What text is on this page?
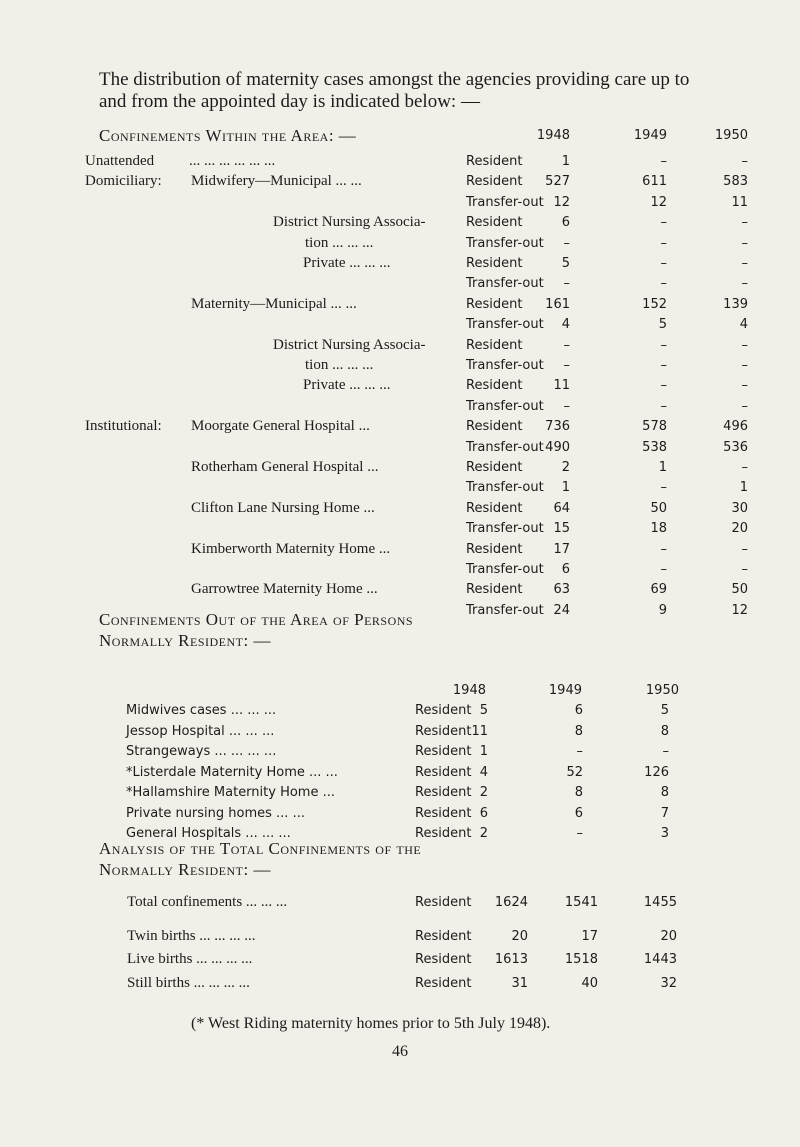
The distribution of maternity cases amongst the agencies providing care up to
and from the appointed day is indicated below: —
Confinements Within the Area: —	1948	1949	1950
Unattended ... ... ... ... ... ...	Resident	1	–	–
Domiciliary: Midwifery—Municipal ... ...	Resident	527	611	583
Transfer-out 12	12	11
District Nursing Associa-	Resident	6	–	–
tion ... ... ...	Transfer-out	–	–	–
Private ... ... ...	Resident	5	–	–
Transfer-out	–	–	–
Maternity—Municipal ... ...	Resident	161	152	139
Transfer-out	4	5	4
District Nursing Associa-	Resident	–	–	–
tion ... ... ...	Transfer-out	–	–	–
Private ... ... ...	Resident	11	–	–
Transfer-out	–	–	–
Institutional: Moorgate General Hospital ...	Resident	736	578	496
Transfer-out 490	538	536
Rotherham General Hospital ...	Resident	2	1	–
Transfer-out	1	–	1
Clifton Lane Nursing Home ...	Resident	64	50	30
Transfer-out 15	18	20
Kimberworth Maternity Home ...	Resident	17	–	–
Transfer-out	6	–	–
Garrowtree Maternity Home ...	Resident	63	69	50
Transfer-out 24	9	12
Confinements Out of the Area of Persons
Normally Resident: —
1948	1949	1950
Midwives cases ... ... ...	Resident 5	6	5
Jessop Hospital ... ... ...	Resident 11	8	8
Strangeways ... ... ... ...	Resident 1	–	–
*Listerdale Maternity Home ... ...	Resident 4	52	126
*Hallamshire Maternity Home ...	Resident 2	8	8
Private nursing homes ... ...	Resident 6	6	7
General Hospitals ... ... ...	Resident 2	–	3
Analysis of the Total Confinements of the
Normally Resident: —
Total confinements ... ... ...	Resident	1624	1541	1455
Twin births ... ... ... ...	Resident	20	17	20
Live births ... ... ... ...	Resident	1613	1518	1443
Still births ... ... ... ...	Resident	31	40	32
(* West Riding maternity homes prior to 5th July 1948).
46
